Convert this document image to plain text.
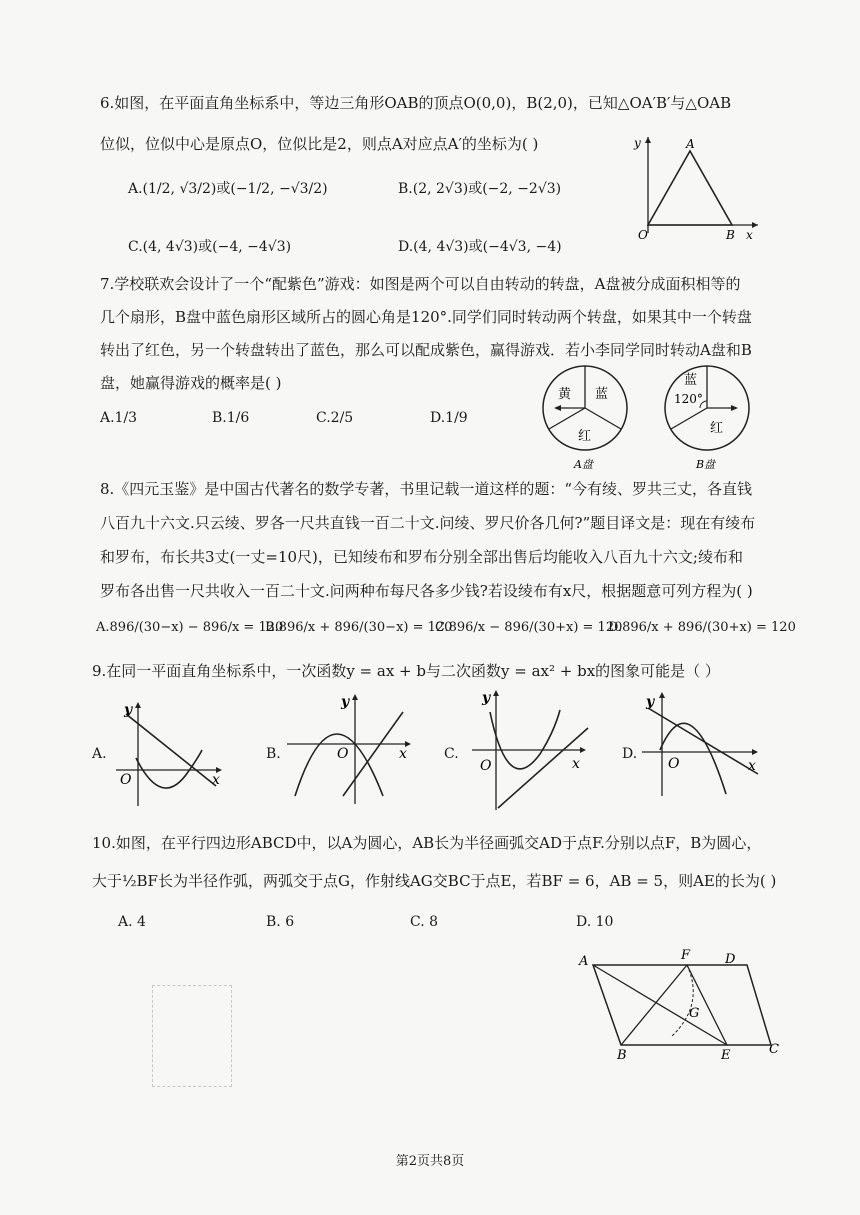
6.如图，在平面直角坐标系中，等边三角形OAB的顶点O(0,0)，B(2,0)，已知△OA′B′与△OAB
位似，位似中心是原点O，位似比是2，则点A对应点A′的坐标为( )
A.(1/2, √3/2)或(−1/2, −√3/2)	B.(2, 2√3)或(−2, −2√3)
C.(4, 4√3)或(−4, −4√3)	D.(4, 4√3)或(−4√3, −4)
y	A
O	B x
7.学校联欢会设计了一个“配紫色”游戏：如图是两个可以自由转动的转盘，A盘被分成面积相等的
几个扇形，B盘中蓝色扇形区域所占的圆心角是120°.同学们同时转动两个转盘，如果其中一个转盘
转出了红色，另一个转盘转出了蓝色，那么可以配成紫色，赢得游戏．若小李同学同时转动A盘和B
盘，她赢得游戏的概率是( )
A.1/3	B.1/6	C.2/5	D.1/9
黄 蓝
红
A盘
蓝
120°
红
B盘
8.《四元玉鉴》是中国古代著名的数学专著，书里记载一道这样的题：“今有绫、罗共三丈，各直钱
八百九十六文.只云绫、罗各一尺共直钱一百二十文.问绫、罗尺价各几何?”题目译文是：现在有绫布
和罗布，布长共3丈(一丈=10尺)，已知绫布和罗布分别全部出售后均能收入八百九十六文;绫布和
罗布各出售一尺共收入一百二十文.问两种布每尺各多少钱?若设绫布有x尺，根据题意可列方程为( )
A.896/(30−x) − 896/x = 120
B.896/x + 896/(30−x) = 120
C.896/x − 896/(30+x) = 120
D.896/x + 896/(30+x) = 120
9.在同一平面直角坐标系中，一次函数y = ax + b与二次函数y = ax² + bx的图象可能是（ ）
A.
y
O	x
B.
y
O	x	C.
y
O	x
D.
y
O	x
10.如图，在平行四边形ABCD中，以A为圆心，AB长为半径画弧交AD于点F.分别以点F，B为圆心，
大于½BF长为半径作弧，两弧交于点G，作射线AG交BC于点E，若BF = 6，AB = 5，则AE的长为( )
A. 4	B. 6	C. 8	D. 10
A	F	D
G
B	E	C
第2页共8页
